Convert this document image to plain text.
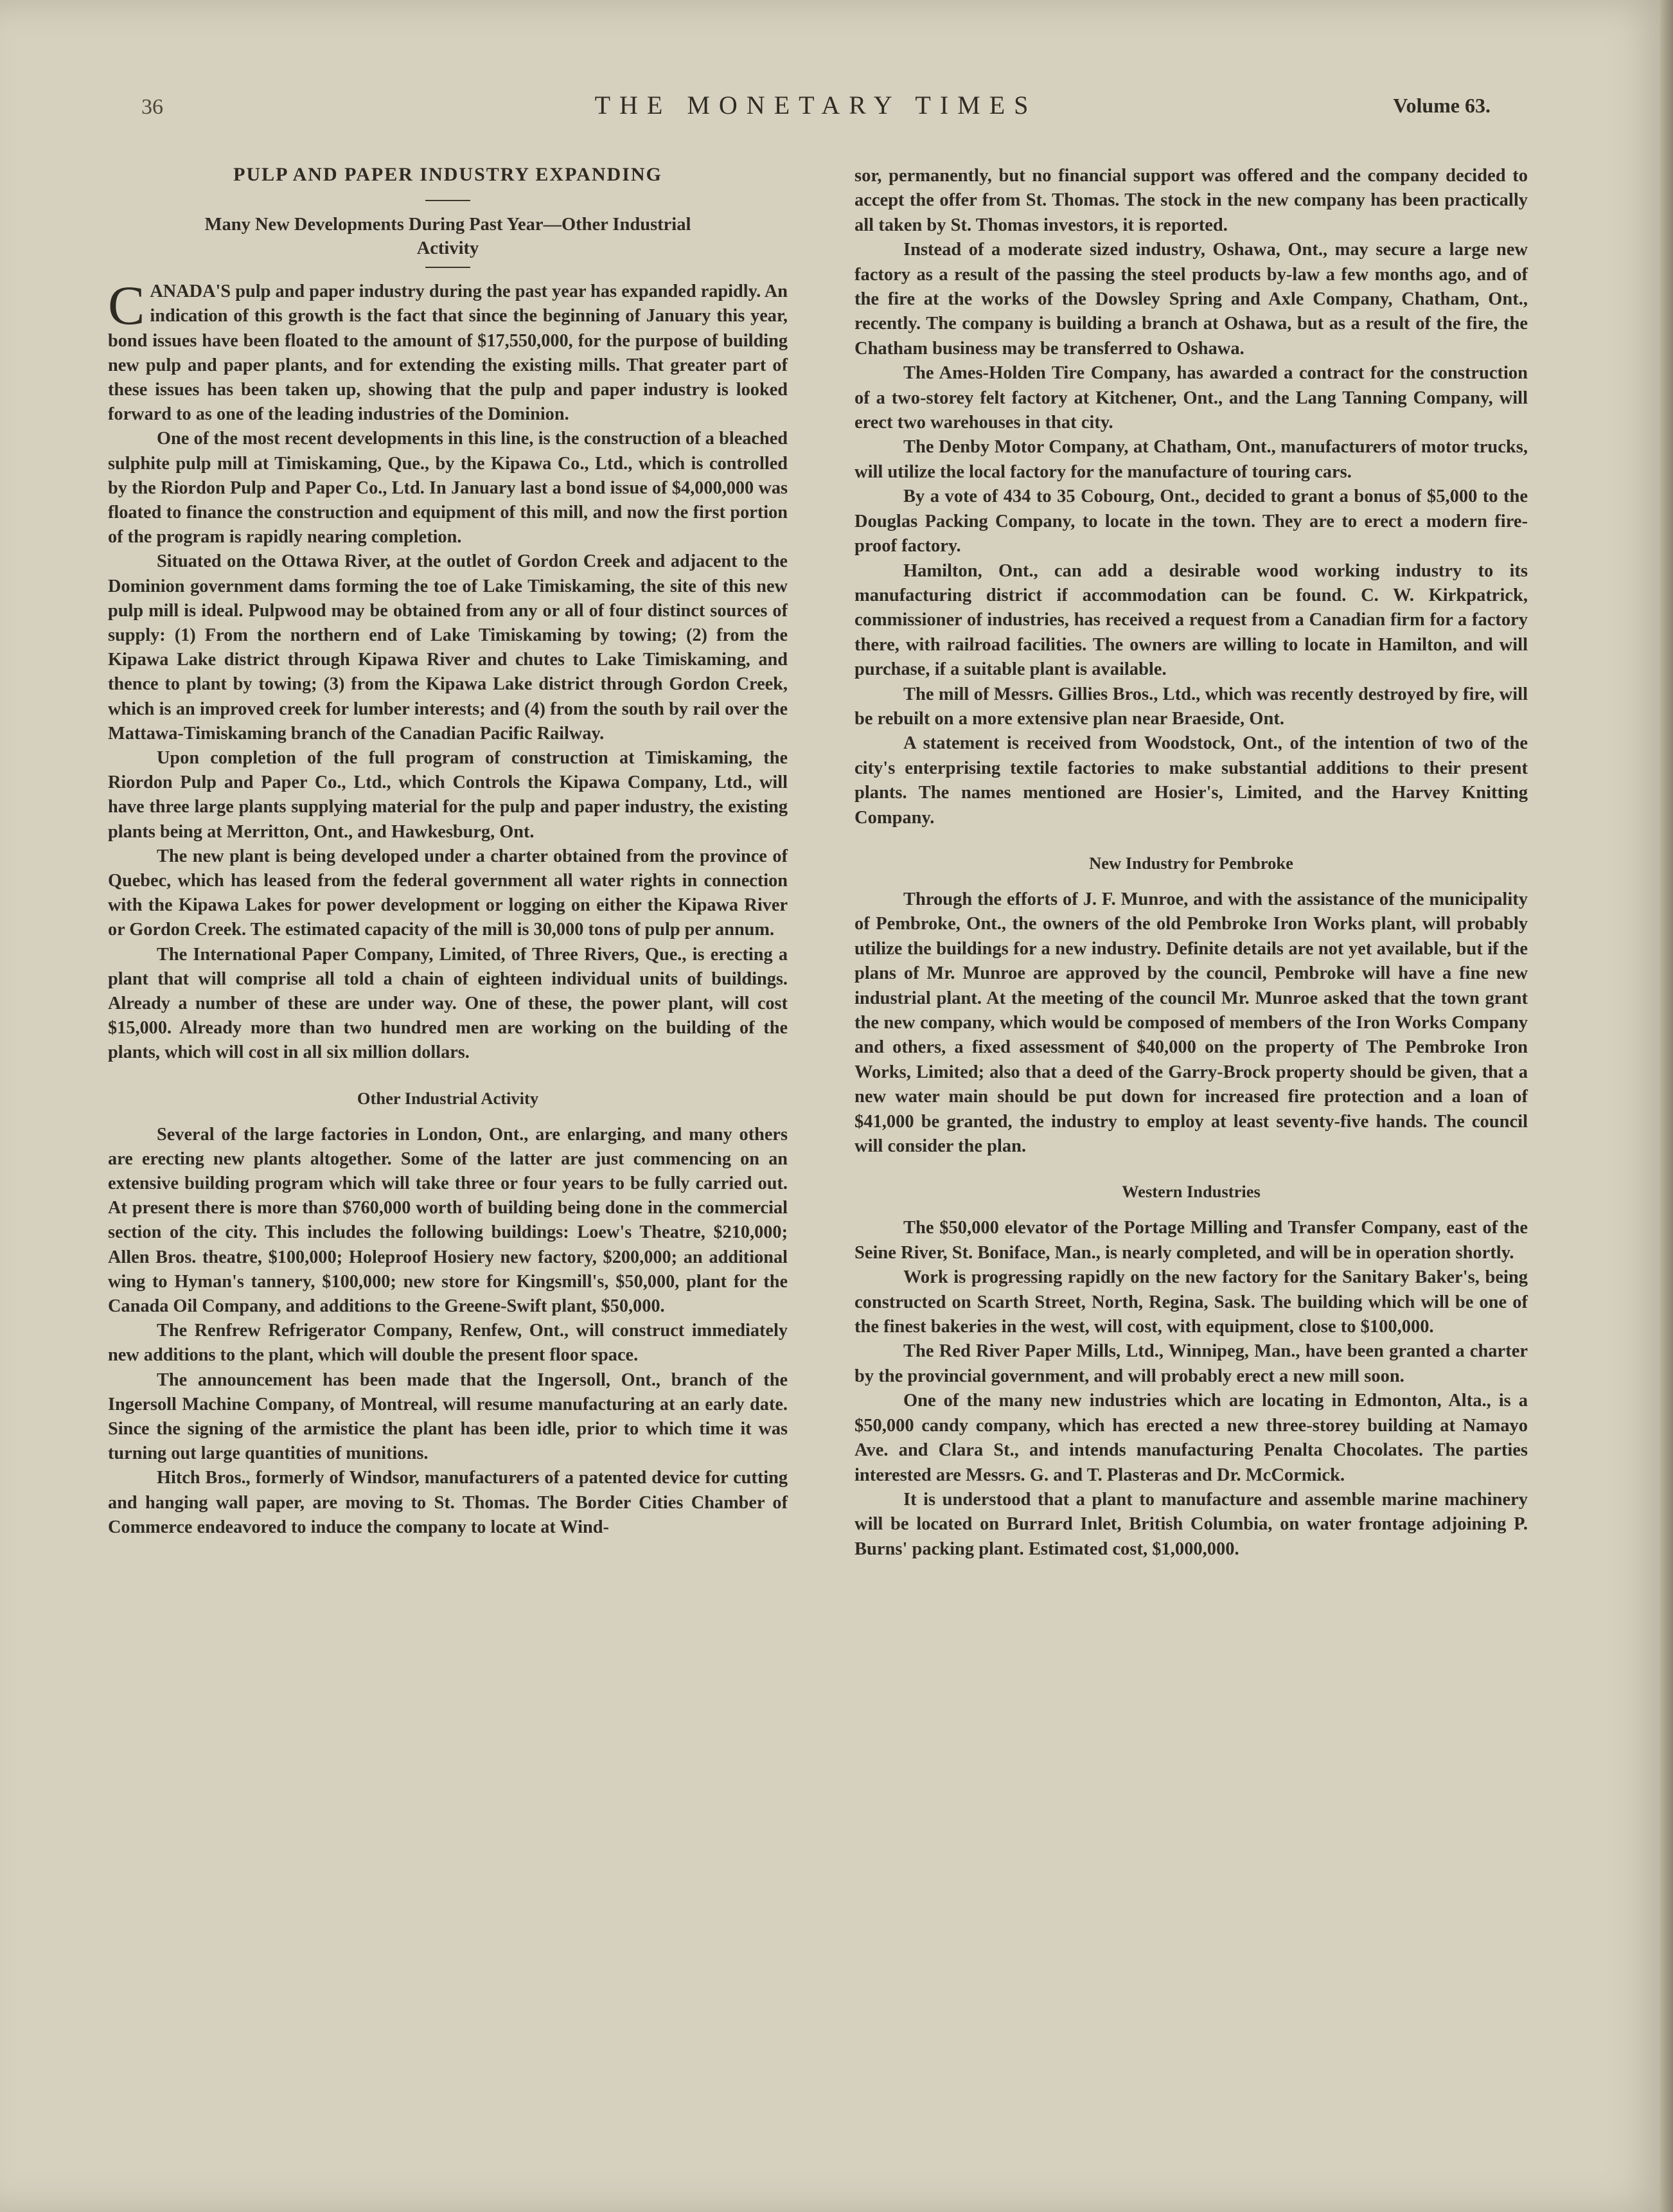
36	THE MONETARY TIMES	Volume 63.
PULP AND PAPER INDUSTRY EXPANDING
Many New Developments During Past Year—Other Industrial Activity

CANADA'S pulp and paper industry during the past year has expanded rapidly. An indication of this growth is the fact that since the beginning of January this year, bond issues have been floated to the amount of $17,550,000, for the purpose of building new pulp and paper plants, and for extending the existing mills. That greater part of these issues has been taken up, showing that the pulp and paper industry is looked forward to as one of the leading industries of the Dominion.

One of the most recent developments in this line, is the construction of a bleached sulphite pulp mill at Timiskaming, Que., by the Kipawa Co., Ltd., which is controlled by the Riordon Pulp and Paper Co., Ltd. In January last a bond issue of $4,000,000 was floated to finance the construction and equipment of this mill, and now the first portion of the program is rapidly nearing completion.

Situated on the Ottawa River, at the outlet of Gordon Creek and adjacent to the Dominion government dams forming the toe of Lake Timiskaming, the site of this new pulp mill is ideal. Pulpwood may be obtained from any or all of four distinct sources of supply: (1) From the northern end of Lake Timiskaming by towing; (2) from the Kipawa Lake district through Kipawa River and chutes to Lake Timiskaming, and thence to plant by towing; (3) from the Kipawa Lake district through Gordon Creek, which is an improved creek for lumber interests; and (4) from the south by rail over the Mattawa-Timiskaming branch of the Canadian Pacific Railway.

Upon completion of the full program of construction at Timiskaming, the Riordon Pulp and Paper Co., Ltd., which Controls the Kipawa Company, Ltd., will have three large plants supplying material for the pulp and paper industry, the existing plants being at Merritton, Ont., and Hawkesburg, Ont.

The new plant is being developed under a charter obtained from the province of Quebec, which has leased from the federal government all water rights in connection with the Kipawa Lakes for power development or logging on either the Kipawa River or Gordon Creek. The estimated capacity of the mill is 30,000 tons of pulp per annum.

The International Paper Company, Limited, of Three Rivers, Que., is erecting a plant that will comprise all told a chain of eighteen individual units of buildings. Already a number of these are under way. One of these, the power plant, will cost $15,000. Already more than two hundred men are working on the building of the plants, which will cost in all six million dollars.

Other Industrial Activity

Several of the large factories in London, Ont., are enlarging, and many others are erecting new plants altogether. Some of the latter are just commencing on an extensive building program which will take three or four years to be fully carried out. At present there is more than $760,000 worth of building being done in the commercial section of the city. This includes the following buildings: Loew's Theatre, $210,000; Allen Bros. theatre, $100,000; Holeproof Hosiery new factory, $200,000; an additional wing to Hyman's tannery, $100,000; new store for Kingsmill's, $50,000, plant for the Canada Oil Company, and additions to the Greene-Swift plant, $50,000.

The Renfrew Refrigerator Company, Renfew, Ont., will construct immediately new additions to the plant, which will double the present floor space.

The announcement has been made that the Ingersoll, Ont., branch of the Ingersoll Machine Company, of Montreal, will resume manufacturing at an early date. Since the signing of the armistice the plant has been idle, prior to which time it was turning out large quantities of munitions.

Hitch Bros., formerly of Windsor, manufacturers of a patented device for cutting and hanging wall paper, are moving to St. Thomas. The Border Cities Chamber of Commerce endeavored to induce the company to locate at Wind-

sor, permanently, but no financial support was offered and the company decided to accept the offer from St. Thomas. The stock in the new company has been practically all taken by St. Thomas investors, it is reported.

Instead of a moderate sized industry, Oshawa, Ont., may secure a large new factory as a result of the passing the steel products by-law a few months ago, and of the fire at the works of the Dowsley Spring and Axle Company, Chatham, Ont., recently. The company is building a branch at Oshawa, but as a result of the fire, the Chatham business may be transferred to Oshawa.

The Ames-Holden Tire Company, has awarded a contract for the construction of a two-storey felt factory at Kitchener, Ont., and the Lang Tanning Company, will erect two warehouses in that city.

The Denby Motor Company, at Chatham, Ont., manufacturers of motor trucks, will utilize the local factory for the manufacture of touring cars.

By a vote of 434 to 35 Cobourg, Ont., decided to grant a bonus of $5,000 to the Douglas Packing Company, to locate in the town. They are to erect a modern fire-proof factory.

Hamilton, Ont., can add a desirable wood working industry to its manufacturing district if accommodation can be found. C. W. Kirkpatrick, commissioner of industries, has received a request from a Canadian firm for a factory there, with railroad facilities. The owners are willing to locate in Hamilton, and will purchase, if a suitable plant is available.

The mill of Messrs. Gillies Bros., Ltd., which was recently destroyed by fire, will be rebuilt on a more extensive plan near Braeside, Ont.

A statement is received from Woodstock, Ont., of the intention of two of the city's enterprising textile factories to make substantial additions to their present plants. The names mentioned are Hosier's, Limited, and the Harvey Knitting Company.

New Industry for Pembroke

Through the efforts of J. F. Munroe, and with the assistance of the municipality of Pembroke, Ont., the owners of the old Pembroke Iron Works plant, will probably utilize the buildings for a new industry. Definite details are not yet available, but if the plans of Mr. Munroe are approved by the council, Pembroke will have a fine new industrial plant. At the meeting of the council Mr. Munroe asked that the town grant the new company, which would be composed of members of the Iron Works Company and others, a fixed assessment of $40,000 on the property of The Pembroke Iron Works, Limited; also that a deed of the Garry-Brock property should be given, that a new water main should be put down for increased fire protection and a loan of $41,000 be granted, the industry to employ at least seventy-five hands. The council will consider the plan.

Western Industries

The $50,000 elevator of the Portage Milling and Transfer Company, east of the Seine River, St. Boniface, Man., is nearly completed, and will be in operation shortly.

Work is progressing rapidly on the new factory for the Sanitary Baker's, being constructed on Scarth Street, North, Regina, Sask. The building which will be one of the finest bakeries in the west, will cost, with equipment, close to $100,000.

The Red River Paper Mills, Ltd., Winnipeg, Man., have been granted a charter by the provincial government, and will probably erect a new mill soon.

One of the many new industries which are locating in Edmonton, Alta., is a $50,000 candy company, which has erected a new three-storey building at Namayo Ave. and Clara St., and intends manufacturing Penalta Chocolates. The parties interested are Messrs. G. and T. Plasteras and Dr. McCormick.

It is understood that a plant to manufacture and assemble marine machinery will be located on Burrard Inlet, British Columbia, on water frontage adjoining P. Burns' packing plant. Estimated cost, $1,000,000.
